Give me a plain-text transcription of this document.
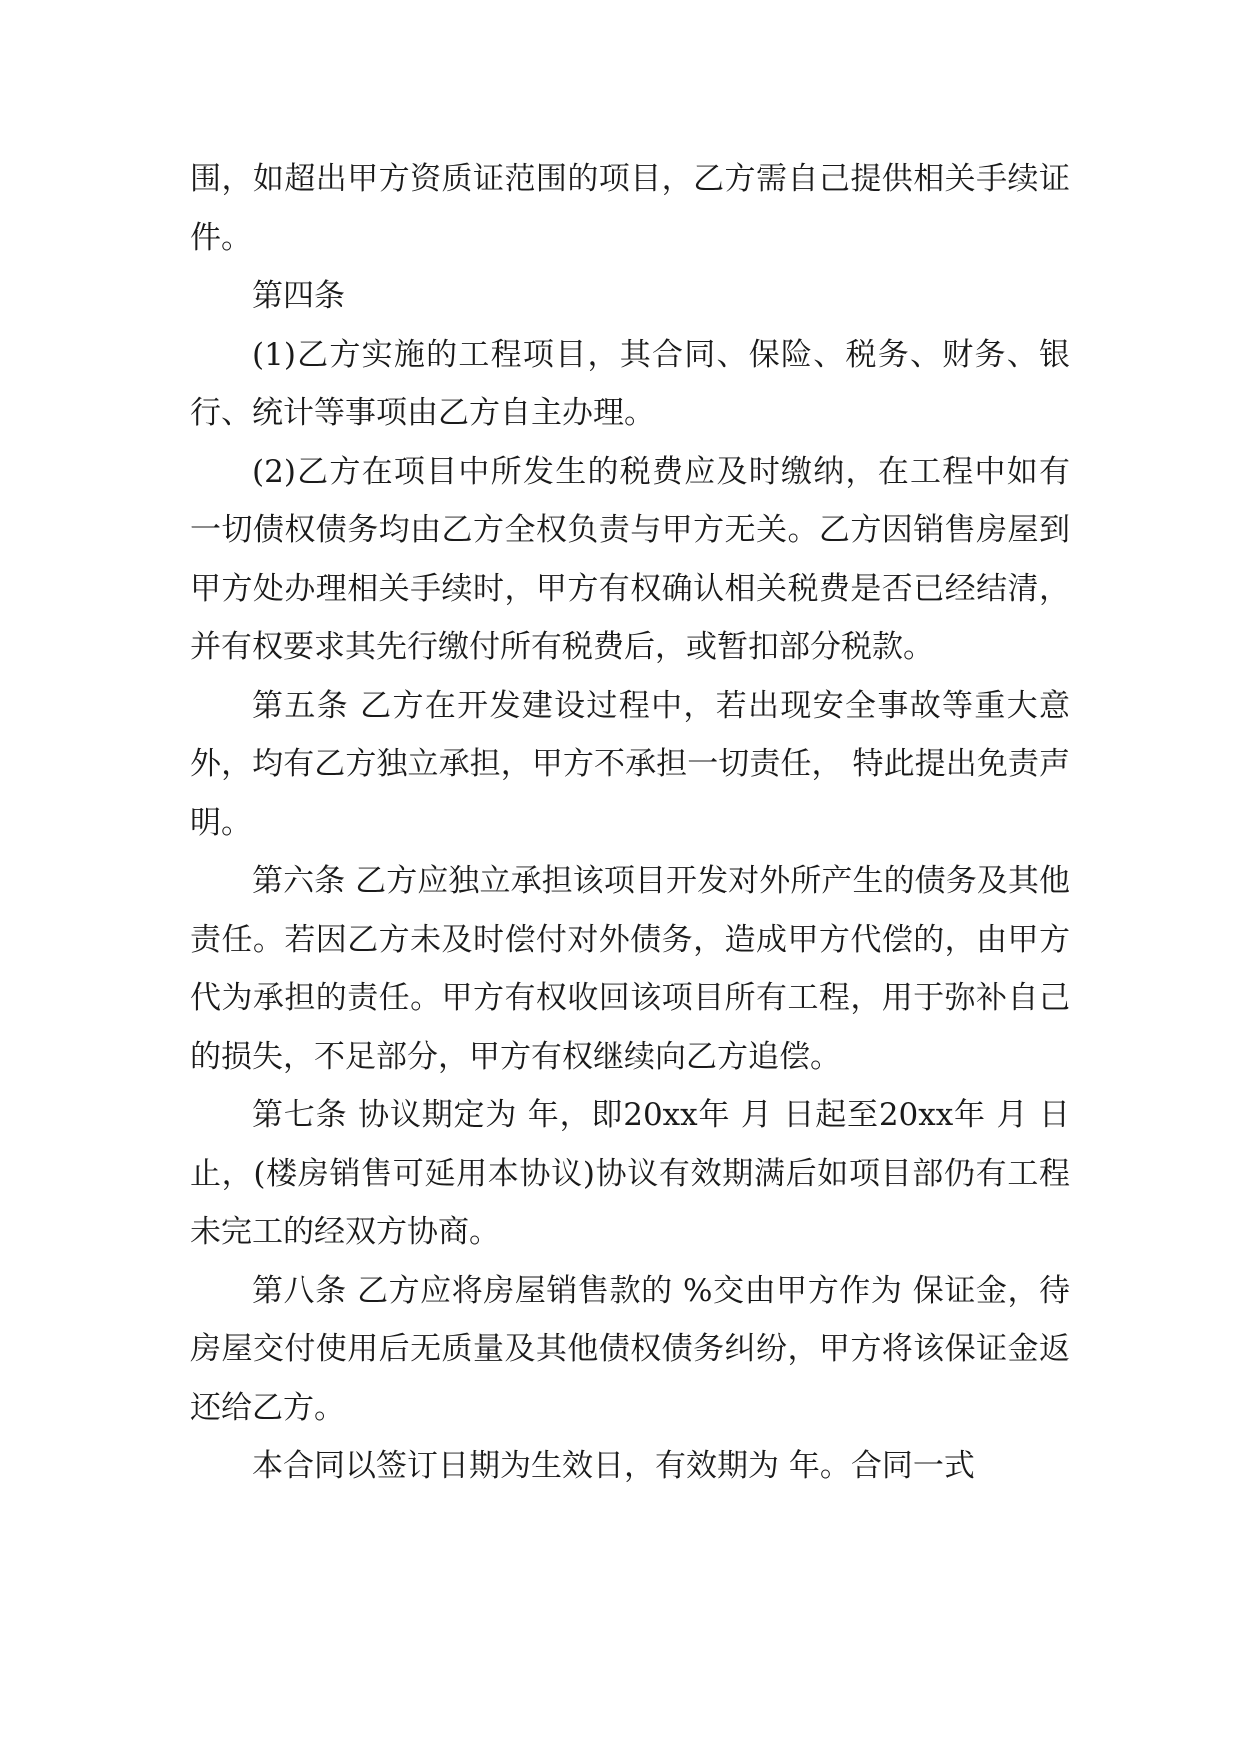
围，如超出甲方资质证范围的项目，乙方需自己提供相关手续证件。

第四条

(1)乙方实施的工程项目，其合同、保险、税务、财务、银行、统计等事项由乙方自主办理。

(2)乙方在项目中所发生的税费应及时缴纳，在工程中如有一切债权债务均由乙方全权负责与甲方无关。乙方因销售房屋到甲方处办理相关手续时，甲方有权确认相关税费是否已经结清，并有权要求其先行缴付所有税费后，或暂扣部分税款。

第五条 乙方在开发建设过程中，若出现安全事故等重大意外，均有乙方独立承担，甲方不承担一切责任， 特此提出免责声明。

第六条 乙方应独立承担该项目开发对外所产生的债务及其他责任。若因乙方未及时偿付对外债务，造成甲方代偿的，由甲方代为承担的责任。甲方有权收回该项目所有工程，用于弥补自己的损失，不足部分，甲方有权继续向乙方追偿。

第七条 协议期定为 年，即20xx年 月 日起至20xx年 月 日止，(楼房销售可延用本协议)协议有效期满后如项目部仍有工程未完工的经双方协商。

第八条 乙方应将房屋销售款的 %交由甲方作为 保证金，待房屋交付使用后无质量及其他债权债务纠纷，甲方将该保证金返还给乙方。

本合同以签订日期为生效日，有效期为 年。合同一式
